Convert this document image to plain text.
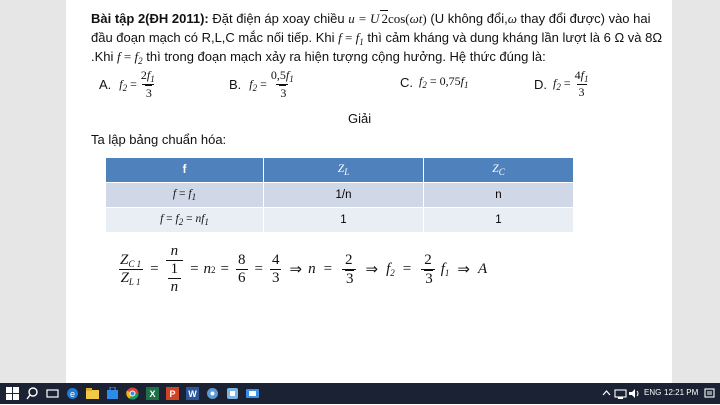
Bài tập 2(ĐH 2011): Đặt điện áp xoay chiều u = U 2cos(ωt) (U không đổi,ω thay đổi được) vào hai
đầu đoạn mạch có R,L,C mắc nối tiếp. Khi $f = f_1$ thì cảm kháng và dung kháng lần lượt là 6 Ω và 8Ω
.Khi $f = f_2$ thì trong đoạn mạch xảy ra hiện tượng cộng hưởng. Hệ thức đúng là:
A. $f_2 = \frac{2f_1}{3}$	B. $f_2 = \frac{0,5f_1}{3}$	C. $f_2 = 0,75f_1$	D. $f_2 = \frac{4f_1}{3}$
Giải
Ta lập bảng chuẩn hóa:
f	$Z_L$	$Z_C$
$f = f_1$	1/n	n
$f = f_2 = nf_1$	1	1
$\frac{Z_{C 1}}{Z_{L 1}} = n$
1
n = n $2 = \frac{8}{6} = \frac{4}{3}$ ⇒ $n = \frac{2}{3}$ ⇒ $f_2 = \frac{2}{3} f_1$ ⇒ A
e	X P W	ENG 12:21 PM
